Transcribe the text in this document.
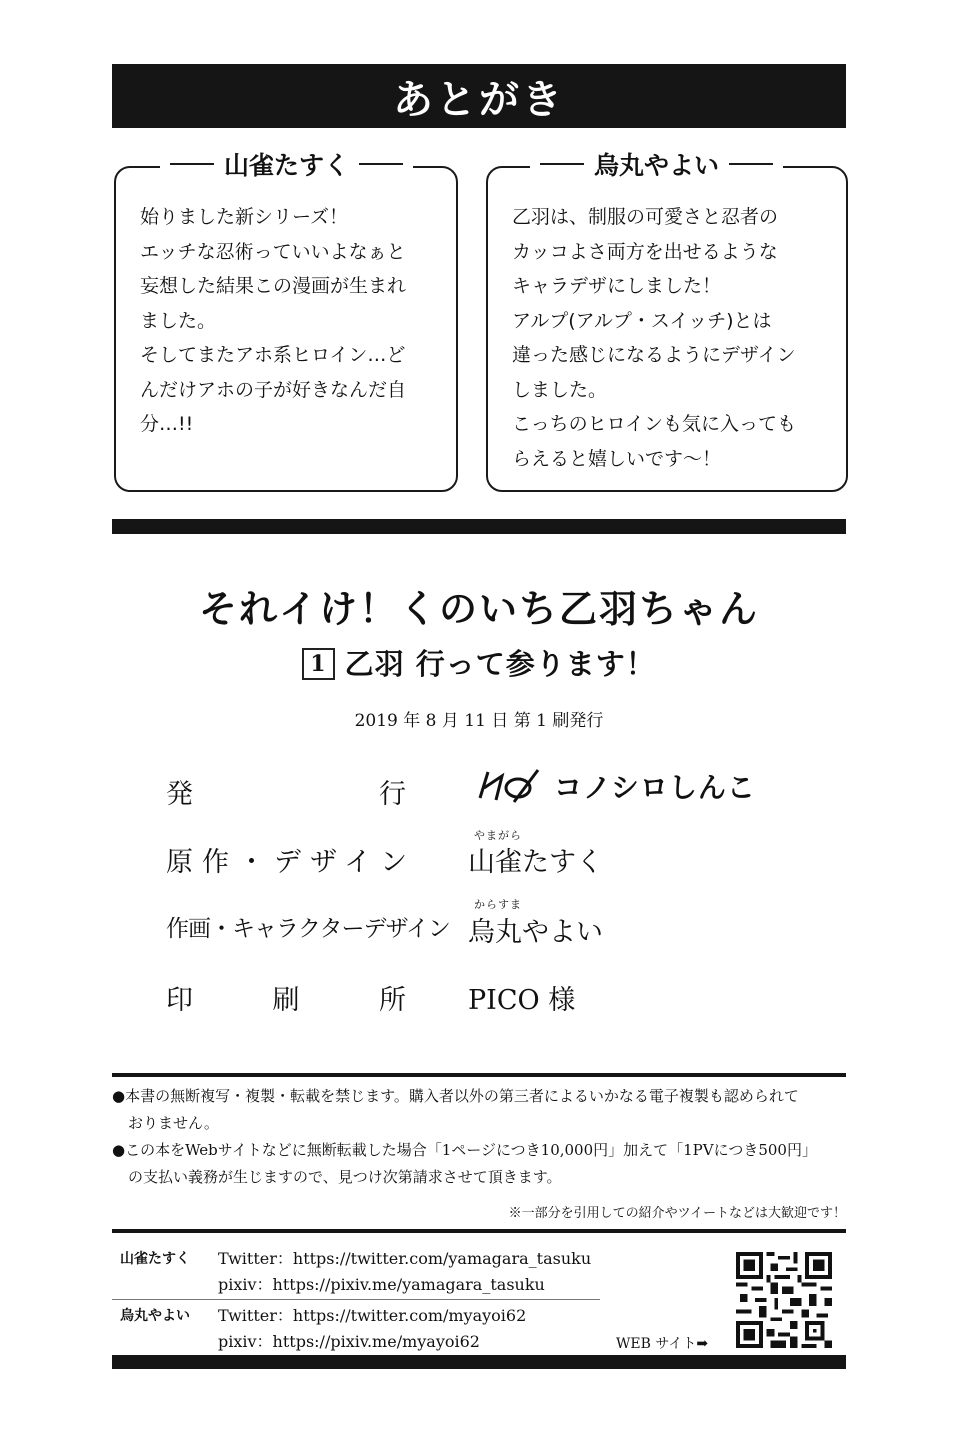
あとがき
始りました新シリーズ！
エッチな忍術っていいよなぁと
妄想した結果この漫画が生まれ
ました。
そしてまたアホ系ヒロイン…ど
んだけアホの子が好きなんだ自
分…!!
山雀たすく
乙羽は、制服の可愛さと忍者の
カッコよさ両方を出せるような
キャラデザにしました！
アルプ(アルプ・スイッチ)とは
違った感じになるようにデザイン
しました。
こっちのヒロインも気に入っても
らえると嬉しいです～！
烏丸やよい
それイけ！くのいち乙羽ちゃん
1 乙羽 行って参ります！
2019 年 8 月 11 日 第 1 刷発行
発	行	コノシロしんこ
原作・デザイン
やまがら
山雀たすく
作画・キャラクターデザイン
からすま
烏丸やよい
印	刷	所 PICO 様
●本書の無断複写・複製・転載を禁じます。購入者以外の第三者によるいかなる電子複製も認められて
おりません。
●この本をWebサイトなどに無断転載した場合「1ページにつき10,000円」加えて「1PVにつき500円」
の支払い義務が生じますので、見つけ次第請求させて頂きます。
※一部分を引用しての紹介やツイートなどは大歓迎です！
山雀たすく Twitter：https://twitter.com/yamagara_tasuku
pixiv：https://pixiv.me/yamagara_tasuku
烏丸やよい Twitter：https://twitter.com/myayoi62
pixiv：https://pixiv.me/myayoi62	WEB サイト➡
